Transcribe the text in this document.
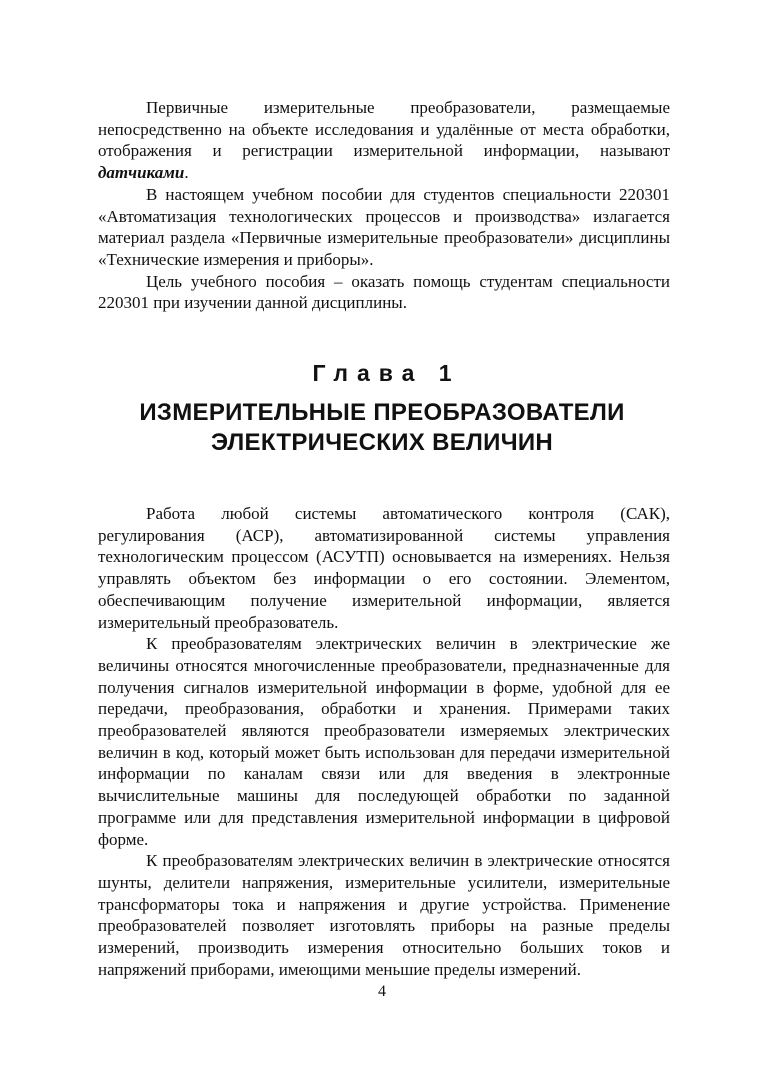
Первичные измерительные преобразователи, размещаемые непосредственно на объекте исследования и удалённые от места обработки, отображения и регистрации измерительной информации, называют датчиками.

В настоящем учебном пособии для студентов специальности 220301 «Автоматизация технологических процессов и производства» излагается материал раздела «Первичные измерительные преобразователи» дисциплины «Технические измерения и приборы».

Цель учебного пособия – оказать помощь студентам специальности 220301 при изучении данной дисциплины.

Глава 1
ИЗМЕРИТЕЛЬНЫЕ ПРЕОБРАЗОВАТЕЛИ
ЭЛЕКТРИЧЕСКИХ ВЕЛИЧИН

Работа любой системы автоматического контроля (САК), регулирования (АСР), автоматизированной системы управления технологическим процессом (АСУТП) основывается на измерениях. Нельзя управлять объектом без информации о его состоянии. Элементом, обеспечивающим получение измерительной информации, является измерительный преобразователь.

К преобразователям электрических величин в электрические же величины относятся многочисленные преобразователи, предназначенные для получения сигналов измерительной информации в форме, удобной для ее передачи, преобразования, обработки и хранения. Примерами таких преобразователей являются преобразователи измеряемых электрических величин в код, который может быть использован для передачи измерительной информации по каналам связи или для введения в электронные вычислительные машины для последующей обработки по заданной программе или для представления измерительной информации в цифровой форме.

К преобразователям электрических величин в электрические относятся шунты, делители напряжения, измерительные усилители, измерительные трансформаторы тока и напряжения и другие устройства. Применение преобразователей позволяет изготовлять приборы на разные пределы измерений, производить измерения относительно больших токов и напряжений приборами, имеющими меньшие пределы измерений.

4
